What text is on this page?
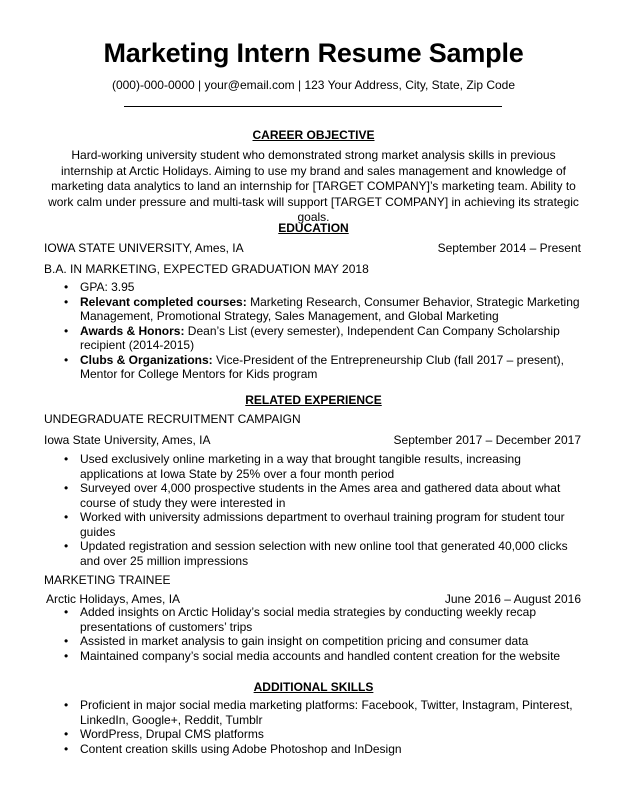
Marketing Intern Resume Sample
(000)-000-0000 | your@email.com | 123 Your Address, City, State, Zip Code
CAREER OBJECTIVE
Hard-working university student who demonstrated strong market analysis skills in previous internship at Arctic Holidays. Aiming to use my brand and sales management and knowledge of marketing data analytics to land an internship for [TARGET COMPANY]’s marketing team. Ability to work calm under pressure and multi-task will support [TARGET COMPANY] in achieving its strategic goals.
EDUCATION
IOWA STATE UNIVERSITY, Ames, IA	September 2014 – Present
B.A. IN MARKETING, EXPECTED GRADUATION MAY 2018
• GPA: 3.95
• Relevant completed courses: Marketing Research, Consumer Behavior, Strategic Marketing Management, Promotional Strategy, Sales Management, and Global Marketing
• Awards & Honors: Dean’s List (every semester), Independent Can Company Scholarship recipient (2014-2015)
• Clubs & Organizations: Vice-President of the Entrepreneurship Club (fall 2017 – present), Mentor for College Mentors for Kids program
RELATED EXPERIENCE
UNDEGRADUATE RECRUITMENT CAMPAIGN
Iowa State University, Ames, IA	September 2017 – December 2017
• Used exclusively online marketing in a way that brought tangible results, increasing applications at Iowa State by 25% over a four month period
• Surveyed over 4,000 prospective students in the Ames area and gathered data about what course of study they were interested in
• Worked with university admissions department to overhaul training program for student tour guides
• Updated registration and session selection with new online tool that generated 40,000 clicks and over 25 million impressions
MARKETING TRAINEE
Arctic Holidays, Ames, IA	June 2016 – August 2016
• Added insights on Arctic Holiday’s social media strategies by conducting weekly recap presentations of customers’ trips
• Assisted in market analysis to gain insight on competition pricing and consumer data
• Maintained company’s social media accounts and handled content creation for the website
ADDITIONAL SKILLS
• Proficient in major social media marketing platforms: Facebook, Twitter, Instagram, Pinterest, LinkedIn, Google+, Reddit, Tumblr
• WordPress, Drupal CMS platforms
• Content creation skills using Adobe Photoshop and InDesign
